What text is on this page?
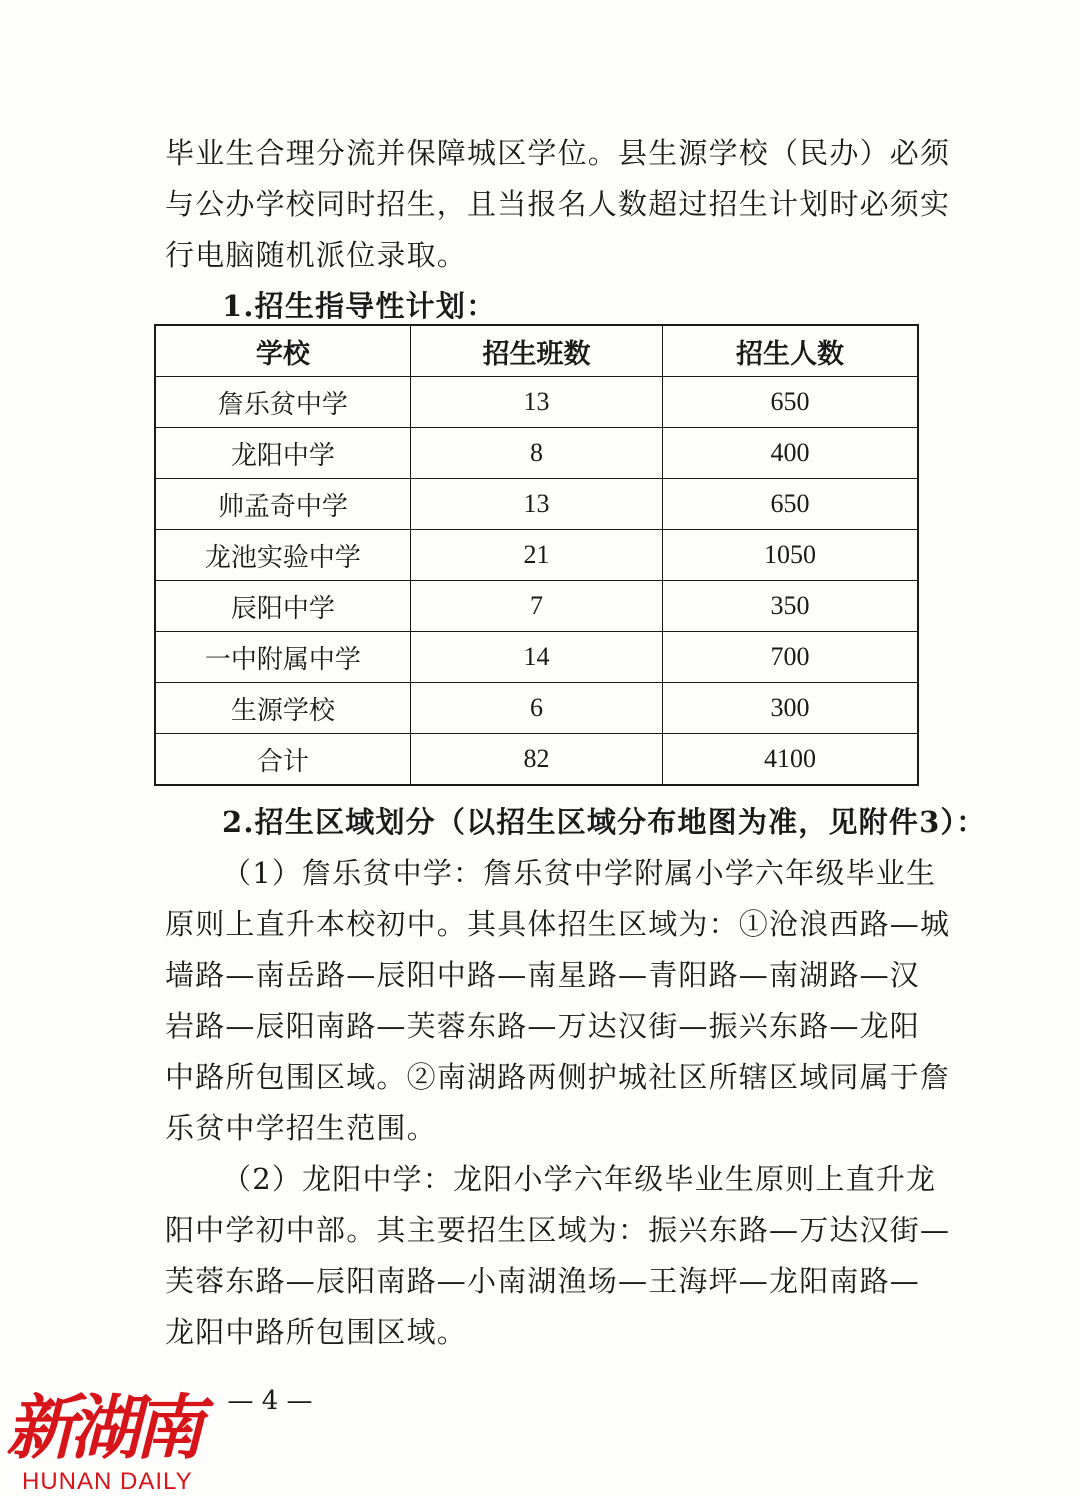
毕业生合理分流并保障城区学位。县生源学校（民办）必须
与公办学校同时招生，且当报名人数超过招生计划时必须实
行电脑随机派位录取。
1.招生指导性计划：
学校	招生班数	招生人数
詹乐贫中学	13	650
龙阳中学	8	400
帅孟奇中学	13	650
龙池实验中学	21	1050
辰阳中学	7	350
一中附属中学	14	700
生源学校	6	300
合计	82	4100
2.招生区域划分（以招生区域分布地图为准，见附件3）：
（1）詹乐贫中学：詹乐贫中学附属小学六年级毕业生
原则上直升本校初中。其具体招生区域为：①沧浪西路—城
墙路—南岳路—辰阳中路—南星路—青阳路—南湖路—汉
岩路—辰阳南路—芙蓉东路—万达汉街—振兴东路—龙阳
中路所包围区域。②南湖路两侧护城社区所辖区域同属于詹
乐贫中学招生范围。
（2）龙阳中学：龙阳小学六年级毕业生原则上直升龙
阳中学初中部。其主要招生区域为：振兴东路—万达汉街—
芙蓉东路—辰阳南路—小南湖渔场—王海坪—龙阳南路—
龙阳中路所包围区域。
— 4 —
新湖南
HUNAN DAILY
